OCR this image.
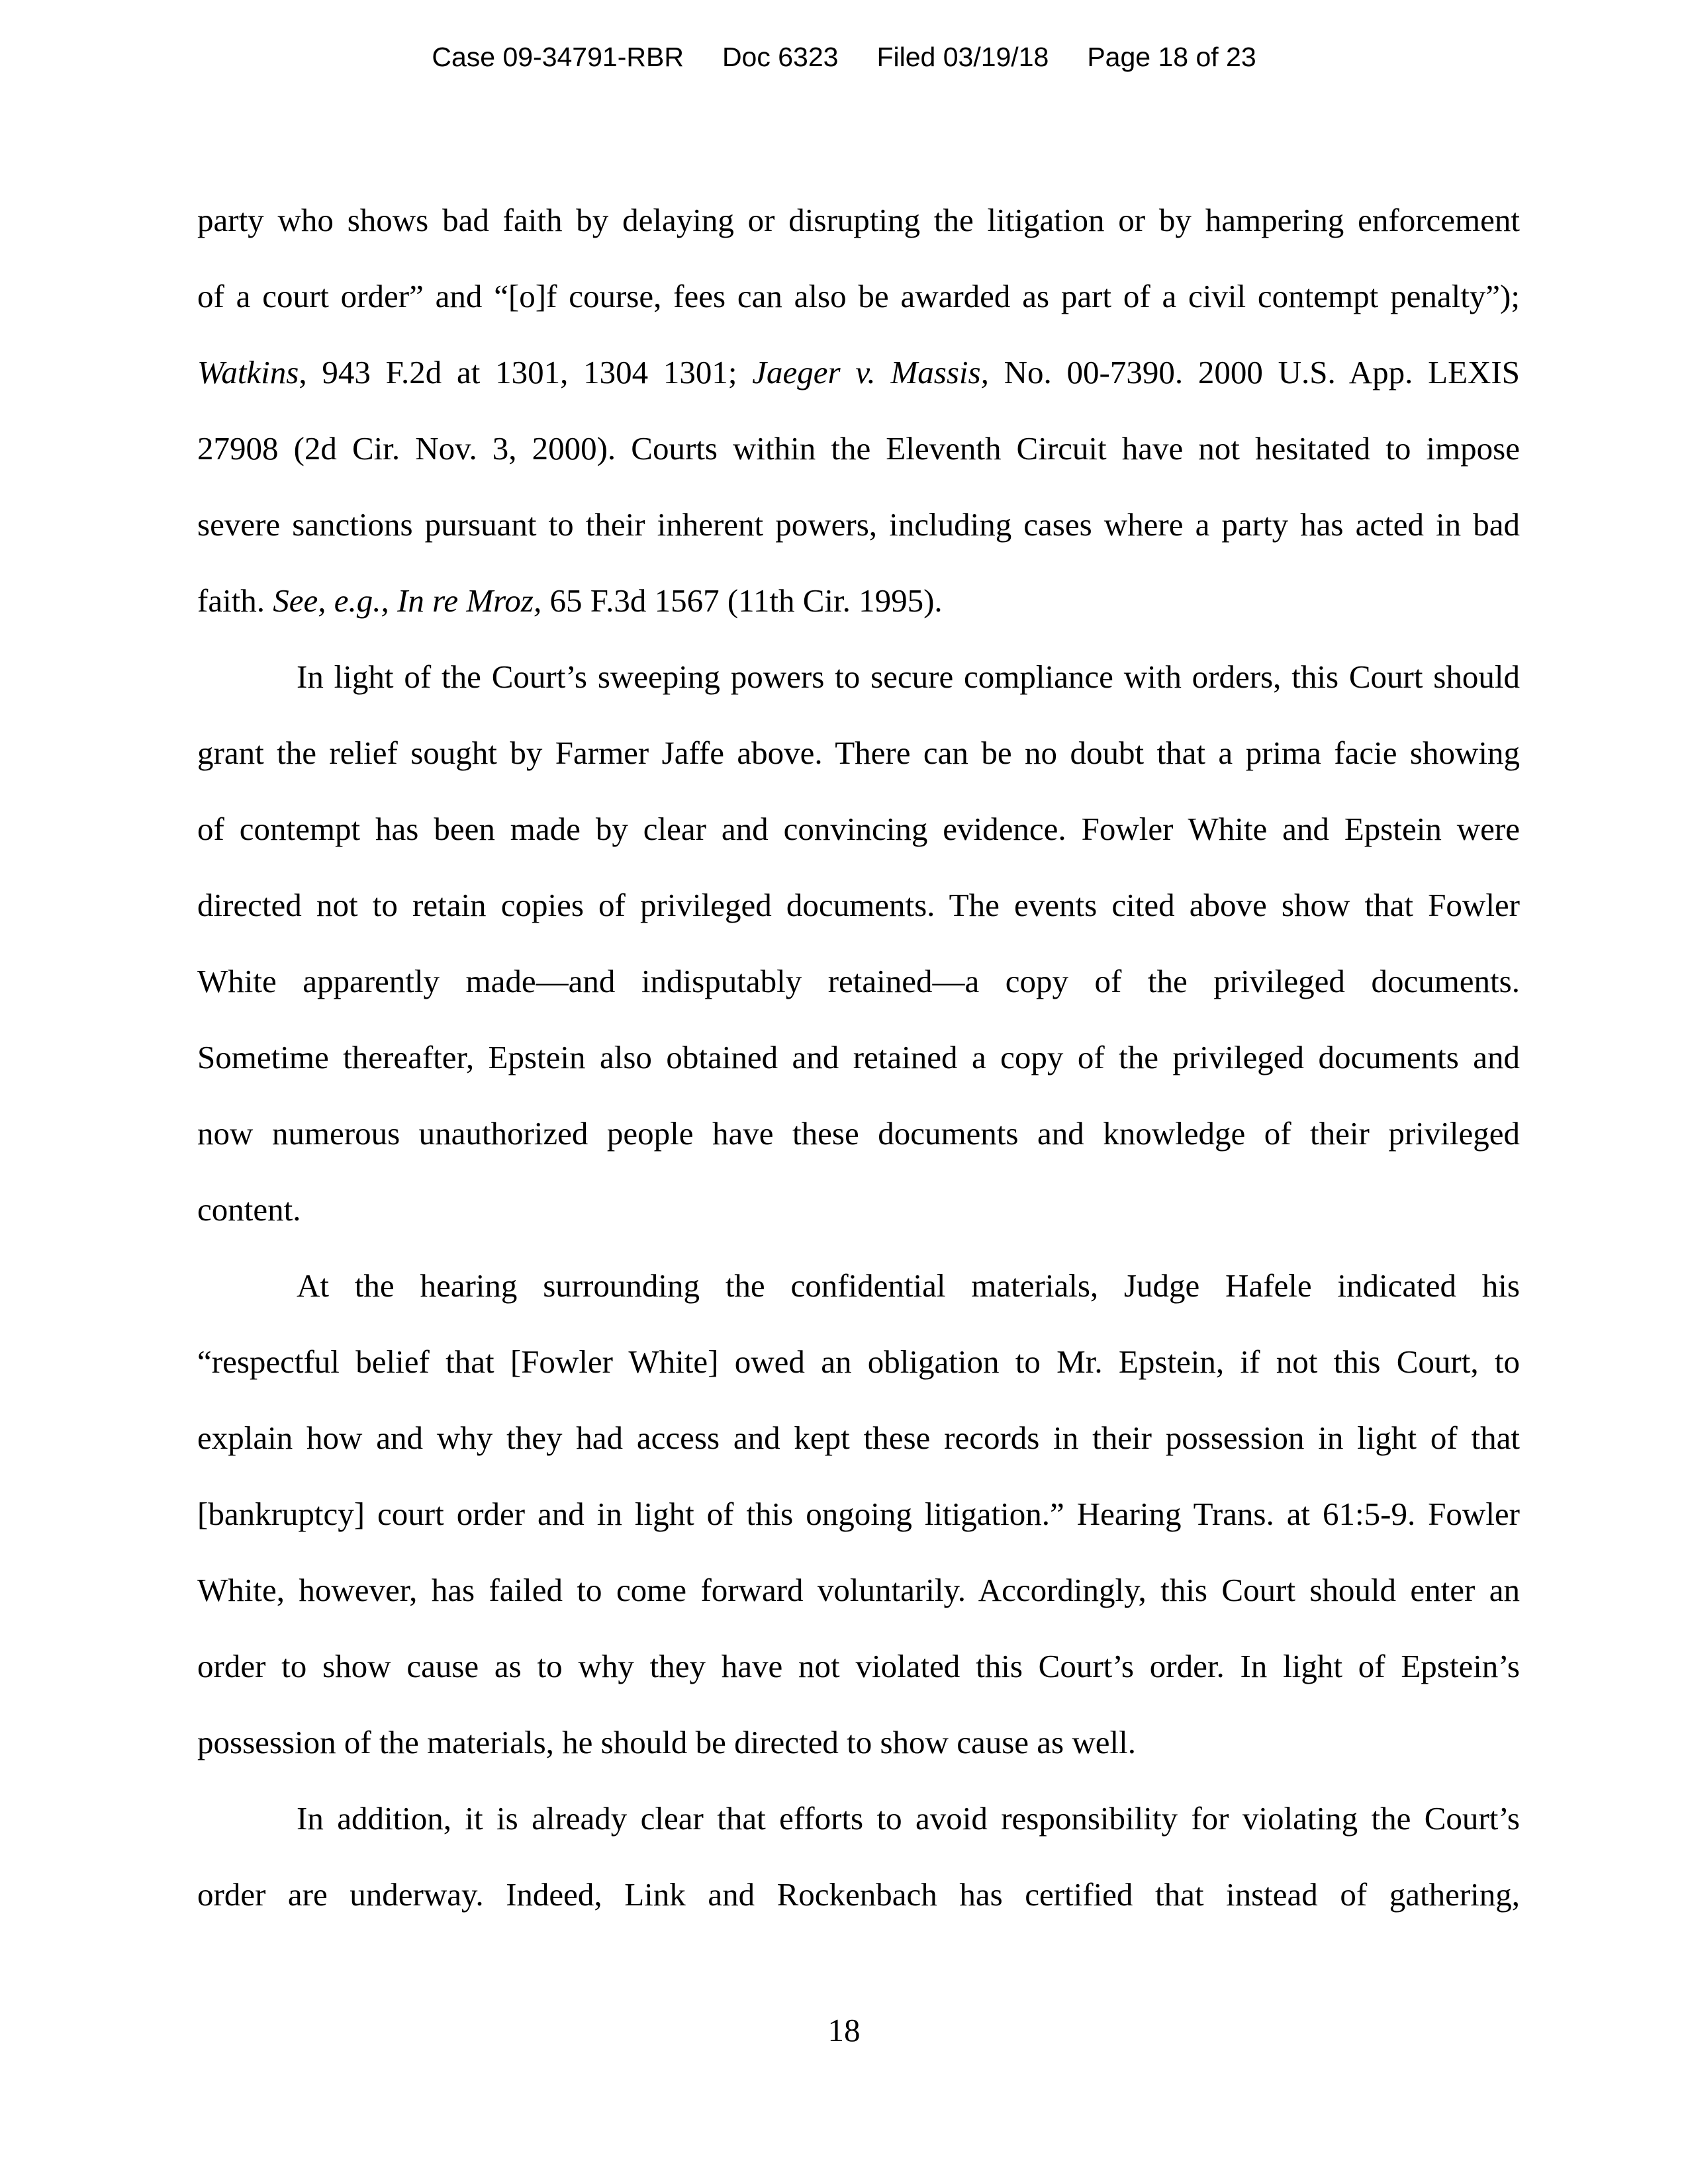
Case 09-34791-RBR Doc 6323 Filed 03/19/18 Page 18 of 23
party who shows bad faith by delaying or disrupting the litigation or by hampering enforcement
of a court order” and “[o]f course, fees can also be awarded as part of a civil contempt penalty”);
Watkins, 943 F.2d at 1301, 1304 1301; Jaeger v. Massis, No. 00-7390. 2000 U.S. App. LEXIS
27908 (2d Cir. Nov. 3, 2000). Courts within the Eleventh Circuit have not hesitated to impose
severe sanctions pursuant to their inherent powers, including cases where a party has acted in bad
faith. See, e.g., In re Mroz, 65 F.3d 1567 (11th Cir. 1995).
In light of the Court’s sweeping powers to secure compliance with orders, this Court should
grant the relief sought by Farmer Jaffe above. There can be no doubt that a prima facie showing
of contempt has been made by clear and convincing evidence. Fowler White and Epstein were
directed not to retain copies of privileged documents. The events cited above show that Fowler
White apparently made—and indisputably retained—a copy of the privileged documents.
Sometime thereafter, Epstein also obtained and retained a copy of the privileged documents and
now numerous unauthorized people have these documents and knowledge of their privileged
content.
At the hearing surrounding the confidential materials, Judge Hafele indicated his
“respectful belief that [Fowler White] owed an obligation to Mr. Epstein, if not this Court, to
explain how and why they had access and kept these records in their possession in light of that
[bankruptcy] court order and in light of this ongoing litigation.” Hearing Trans. at 61:5-9. Fowler
White, however, has failed to come forward voluntarily. Accordingly, this Court should enter an
order to show cause as to why they have not violated this Court’s order. In light of Epstein’s
possession of the materials, he should be directed to show cause as well.
In addition, it is already clear that efforts to avoid responsibility for violating the Court’s
order are underway. Indeed, Link and Rockenbach has certified that instead of gathering,
18
